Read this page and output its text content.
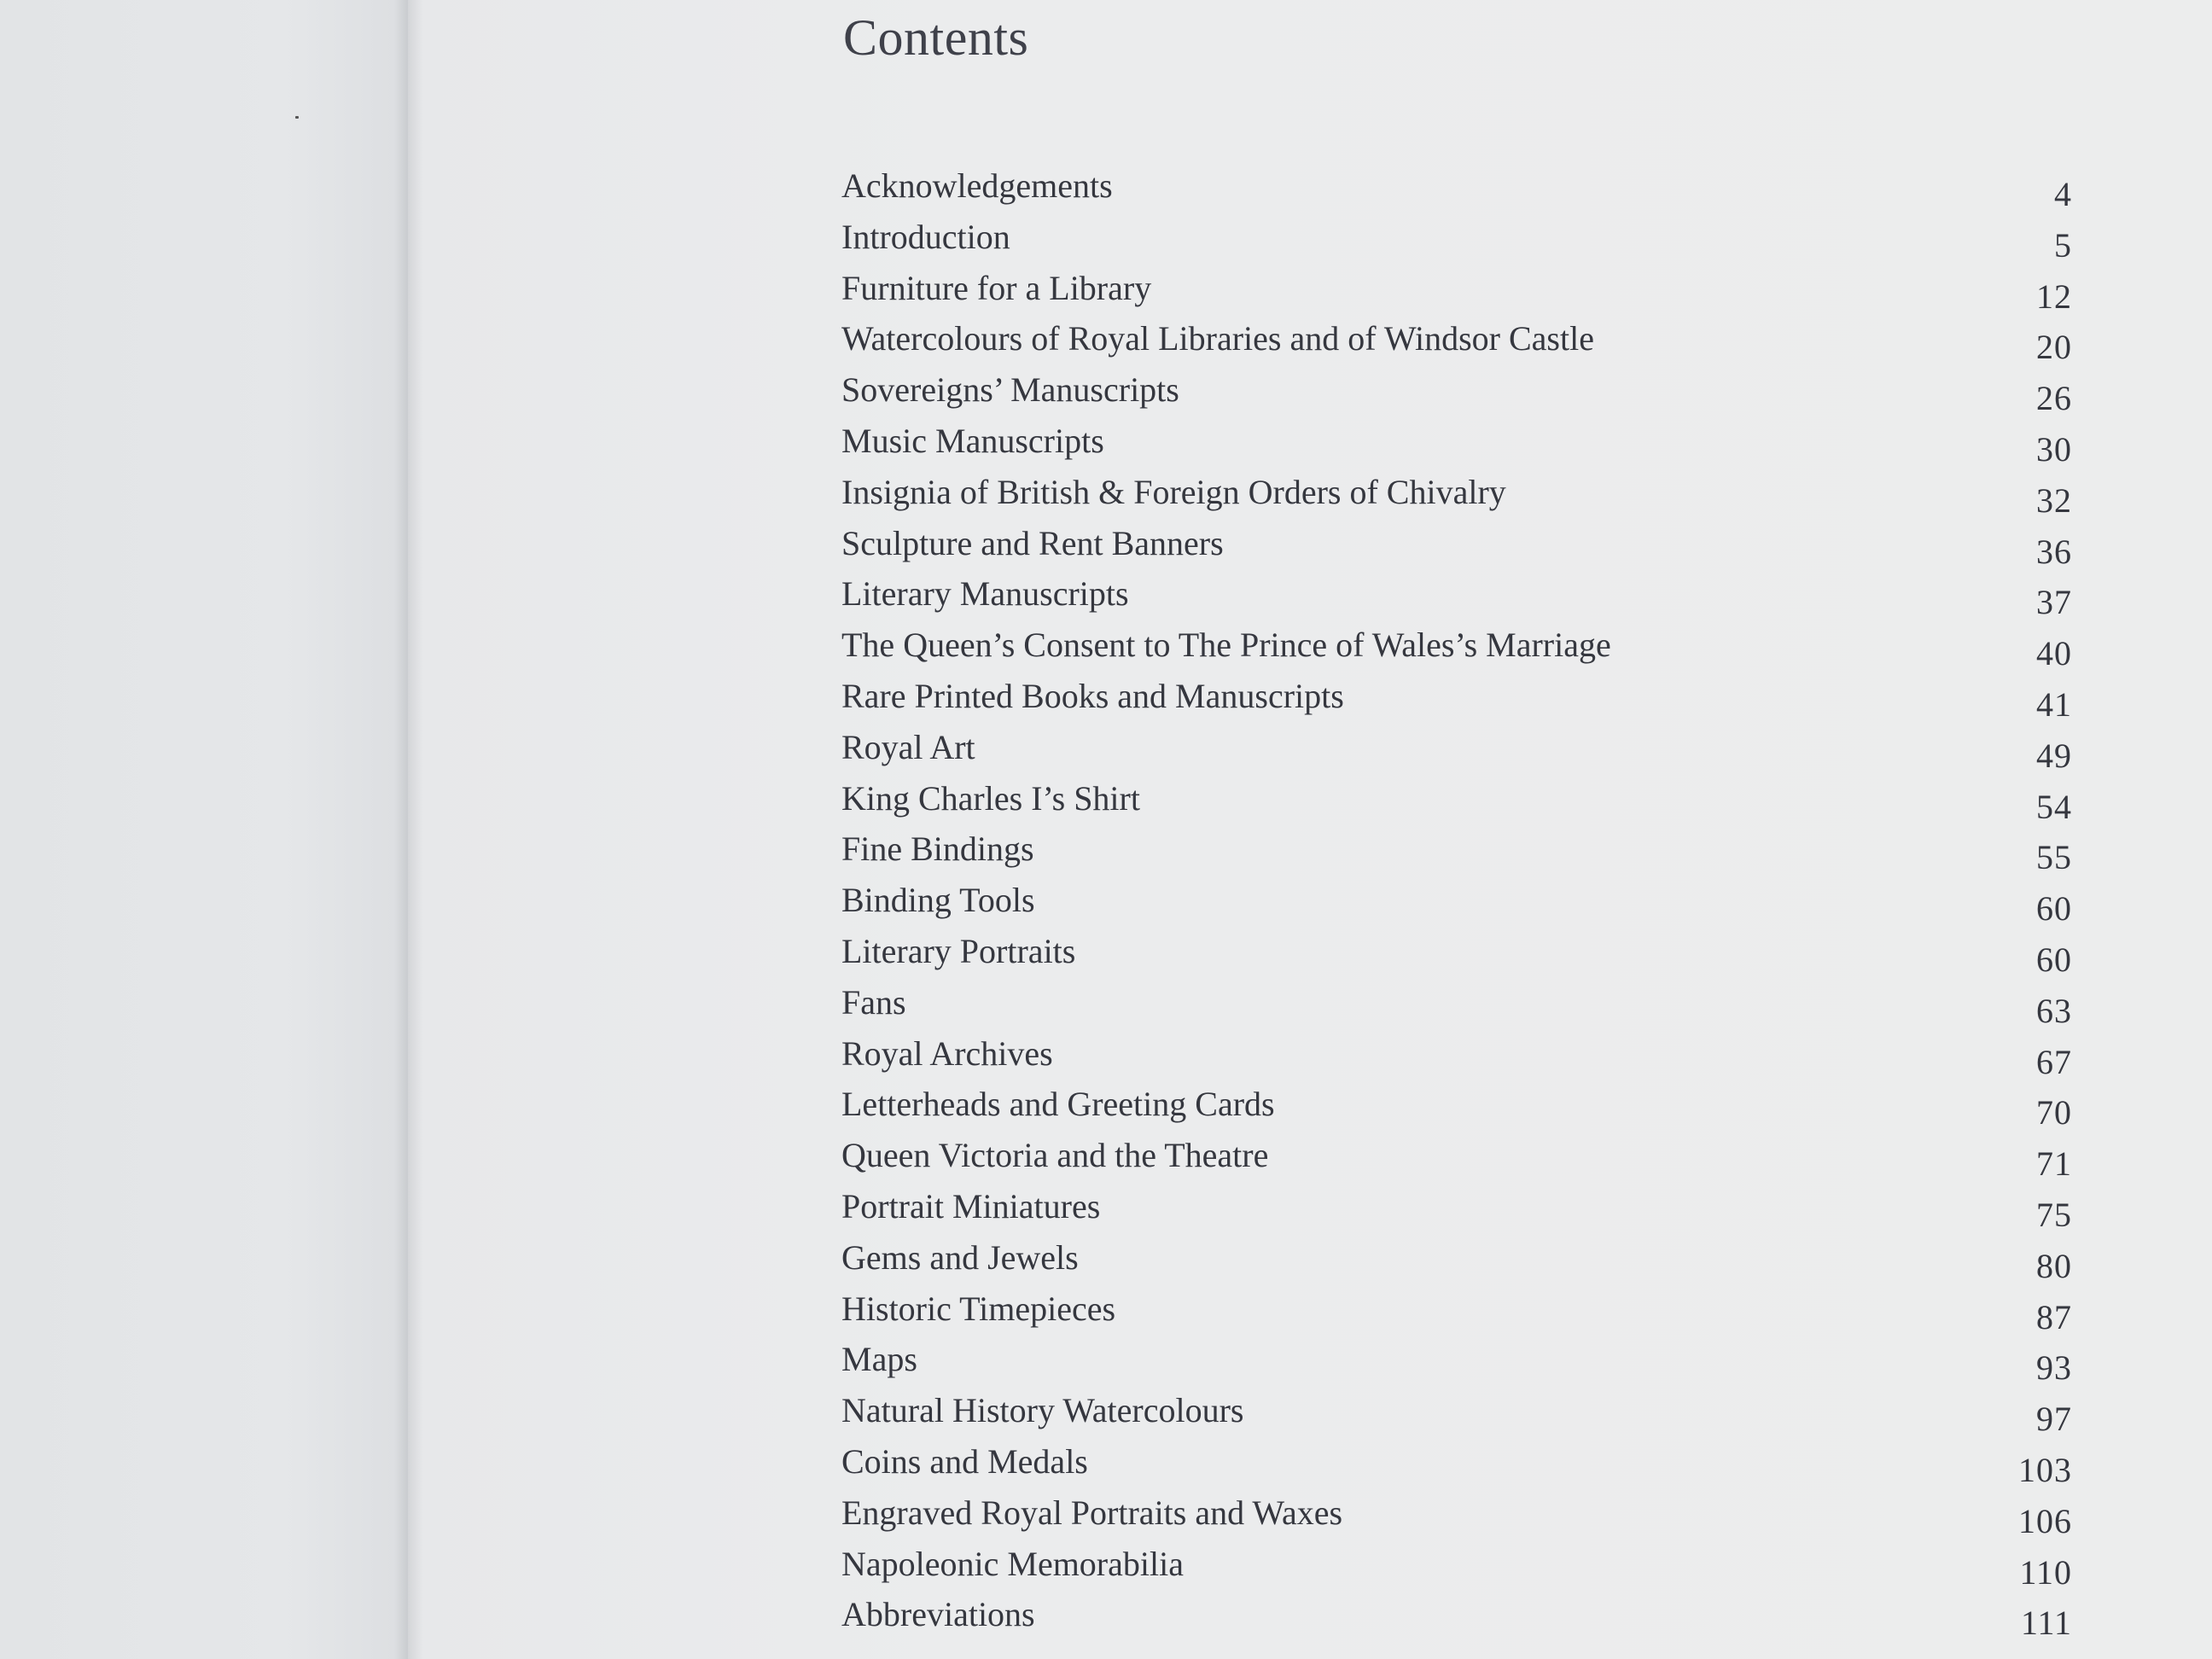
Contents
Acknowledgements	4
Introduction	5
Furniture for a Library	12
Watercolours of Royal Libraries and of Windsor Castle	20
Sovereigns’ Manuscripts	26
Music Manuscripts	30
Insignia of British & Foreign Orders of Chivalry	32
Sculpture and Rent Banners	36
Literary Manuscripts	37
The Queen’s Consent to The Prince of Wales’s Marriage	40
Rare Printed Books and Manuscripts	41
Royal Art	49
King Charles I’s Shirt	54
Fine Bindings	55
Binding Tools	60
Literary Portraits	60
Fans	63
Royal Archives	67
Letterheads and Greeting Cards	70
Queen Victoria and the Theatre	71
Portrait Miniatures	75
Gems and Jewels	80
Historic Timepieces	87
Maps	93
Natural History Watercolours	97
Coins and Medals	103
Engraved Royal Portraits and Waxes	106
Napoleonic Memorabilia	110
Abbreviations	111
